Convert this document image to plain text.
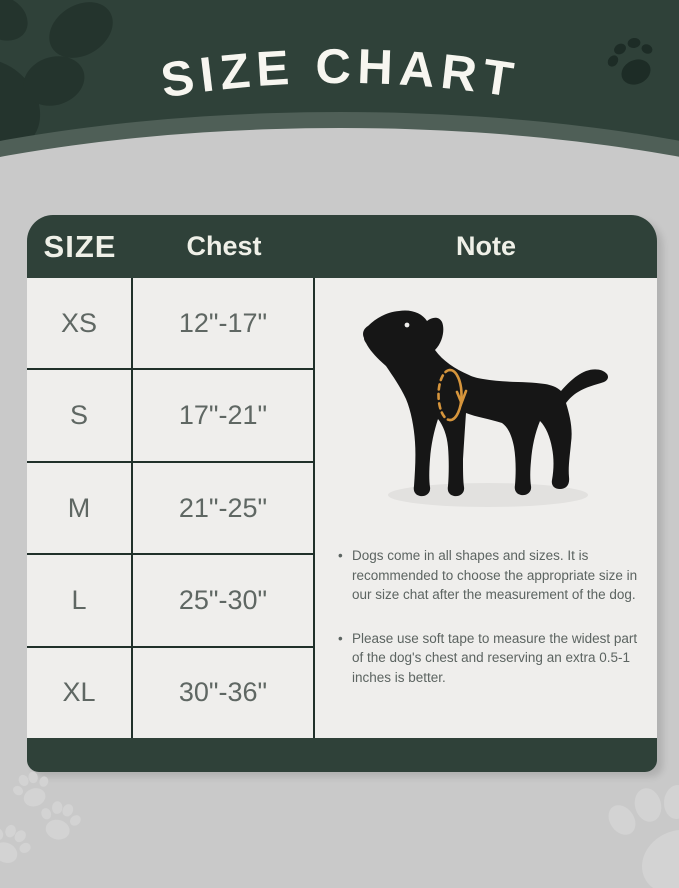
SIZE CHART
SIZE	Chest	Note
XS
S
M
L
XL
12"-17"
17"-21"
21"-25"
25"-30"
30"-36"
• Dogs come in all shapes and sizes. It is recommended to choose the appropriate size in our size chat after the measurement of the dog.
• Please use soft tape to measure the widest part of the dog's chest and reserving an extra 0.5-1 inches is better.
